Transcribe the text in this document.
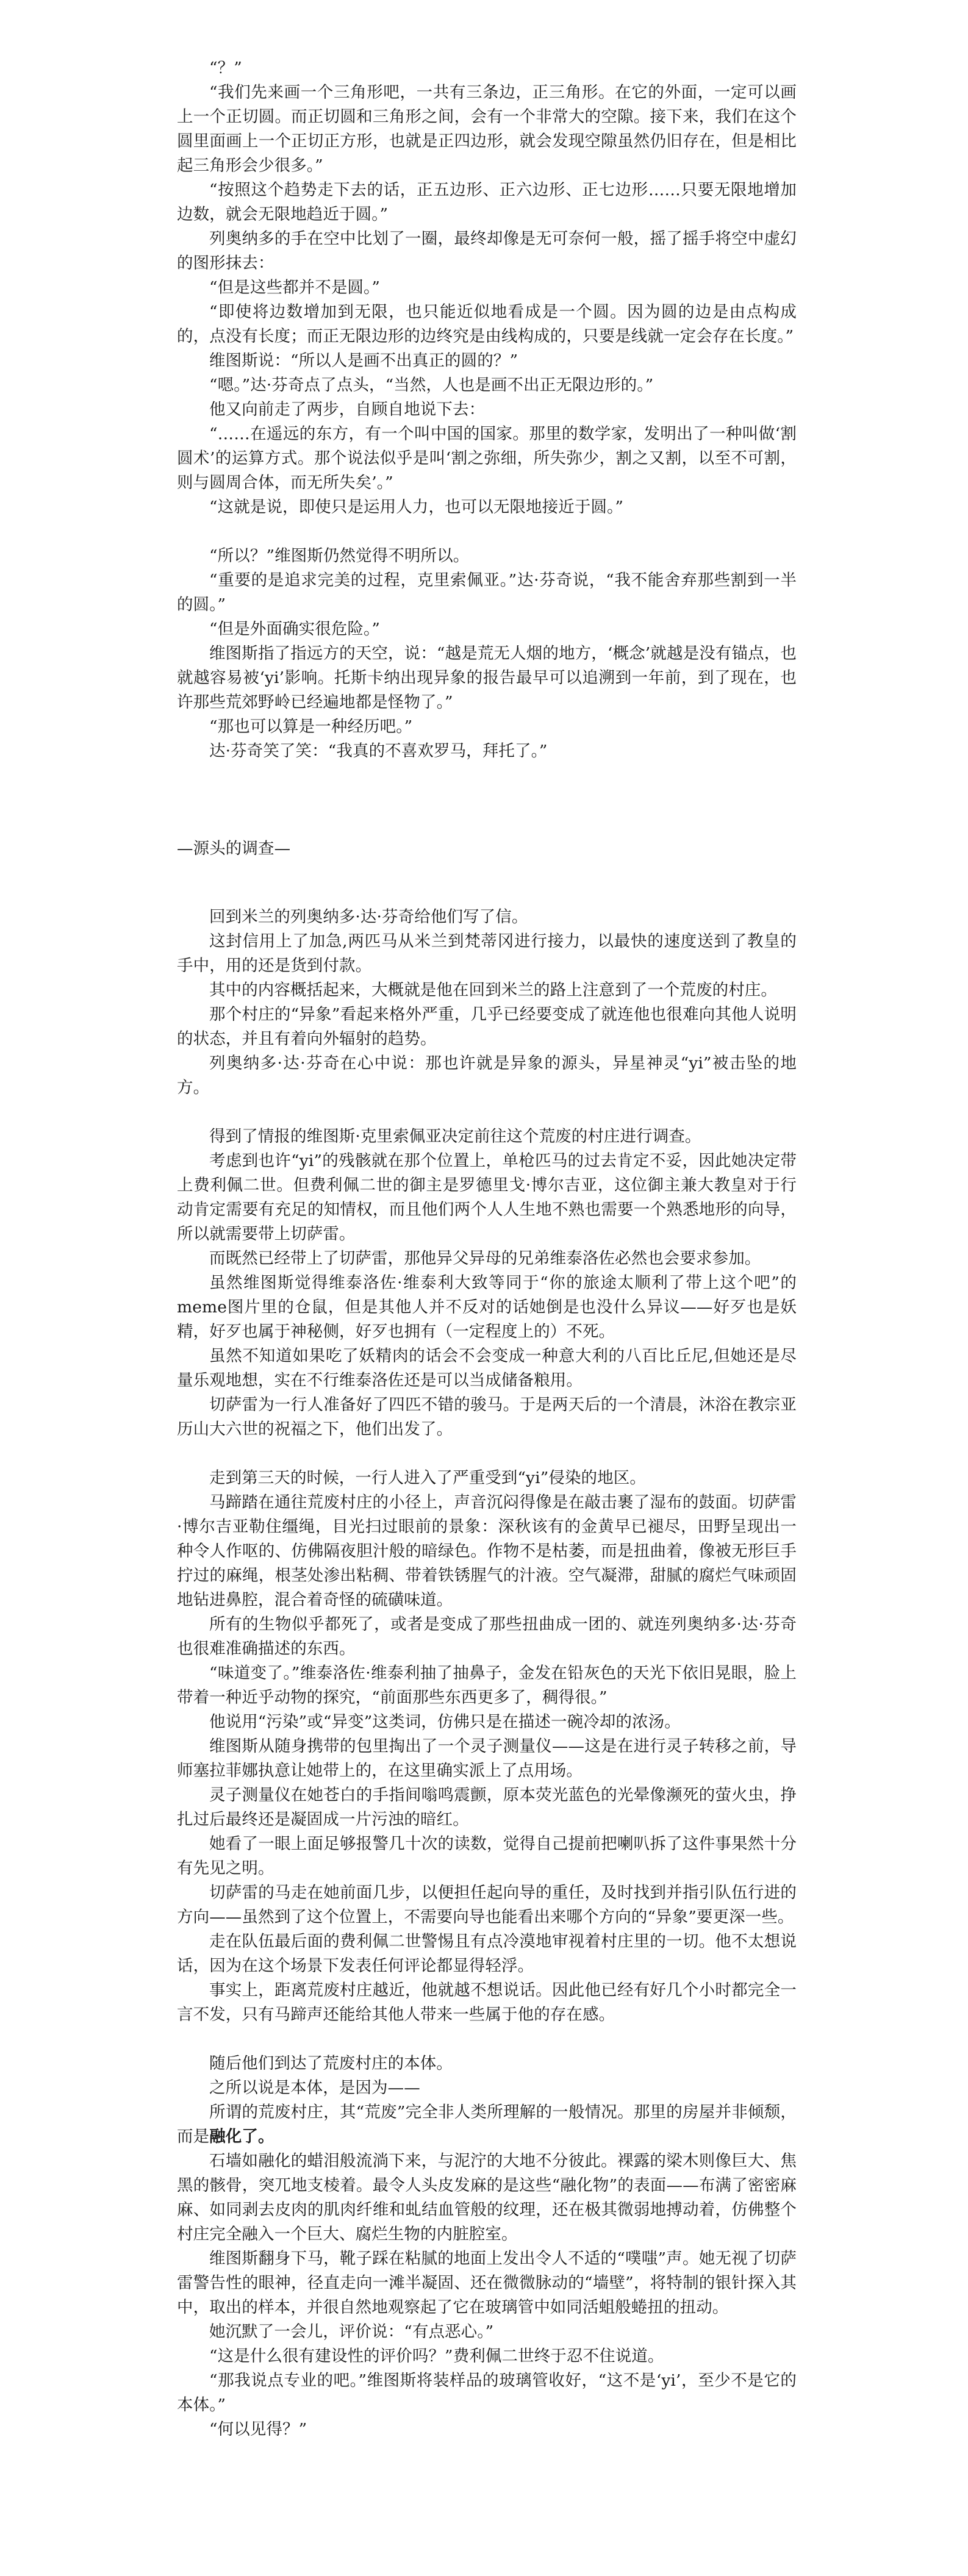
“？”

“我们先来画一个三角形吧，一共有三条边，正三角形。在它的外面，一定可以画上一个正切圆。而正切圆和三角形之间，会有一个非常大的空隙。接下来，我们在这个圆里面画上一个正切正方形，也就是正四边形，就会发现空隙虽然仍旧存在，但是相比起三角形会少很多。”

“按照这个趋势走下去的话，正五边形、正六边形、正七边形……只要无限地增加边数，就会无限地趋近于圆。”

列奥纳多的手在空中比划了一圈，最终却像是无可奈何一般，摇了摇手将空中虚幻的图形抹去：

“但是这些都并不是圆。”

“即使将边数增加到无限，也只能近似地看成是一个圆。因为圆的边是由点构成的，点没有长度；而正无限边形的边终究是由线构成的，只要是线就一定会存在长度。”

维图斯说：“所以人是画不出真正的圆的？”

“嗯。”达·芬奇点了点头，“当然，人也是画不出正无限边形的。”

他又向前走了两步，自顾自地说下去：

“……在遥远的东方，有一个叫中国的国家。那里的数学家，发明出了一种叫做‘割圆术’的运算方式。那个说法似乎是叫‘割之弥细，所失弥少，割之又割，以至不可割，则与圆周合体，而无所失矣’。”

“这就是说，即使只是运用人力，也可以无限地接近于圆。”

“所以？”维图斯仍然觉得不明所以。

“重要的是追求完美的过程，克里索佩亚。”达·芬奇说，“我不能舍弃那些割到一半的圆。”

“但是外面确实很危险。”

维图斯指了指远方的天空，说：“越是荒无人烟的地方，‘概念’就越是没有锚点，也就越容易被‘yi’影响。托斯卡纳出现异象的报告最早可以追溯到一年前，到了现在，也许那些荒郊野岭已经遍地都是怪物了。”

“那也可以算是一种经历吧。”

达·芬奇笑了笑：“我真的不喜欢罗马，拜托了。”

—源头的调查—

回到米兰的列奥纳多·达·芬奇给他们写了信。

这封信用上了加急,两匹马从米兰到梵蒂冈进行接力，以最快的速度送到了教皇的手中，用的还是货到付款。

其中的内容概括起来，大概就是他在回到米兰的路上注意到了一个荒废的村庄。

那个村庄的“异象”看起来格外严重，几乎已经要变成了就连他也很难向其他人说明的状态，并且有着向外辐射的趋势。

列奥纳多·达·芬奇在心中说：那也许就是异象的源头，异星神灵“yi”被击坠的地方。

得到了情报的维图斯·克里索佩亚决定前往这个荒废的村庄进行调查。

考虑到也许“yi”的残骸就在那个位置上，单枪匹马的过去肯定不妥，因此她决定带上费利佩二世。但费利佩二世的御主是罗德里戈·博尔吉亚，这位御主兼大教皇对于行动肯定需要有充足的知情权，而且他们两个人人生地不熟也需要一个熟悉地形的向导，所以就需要带上切萨雷。

而既然已经带上了切萨雷，那他异父异母的兄弟维泰洛佐必然也会要求参加。

虽然维图斯觉得维泰洛佐·维泰利大致等同于“你的旅途太顺利了带上这个吧”的meme图片里的仓鼠，但是其他人并不反对的话她倒是也没什么异议——好歹也是妖精，好歹也属于神秘侧，好歹也拥有（一定程度上的）不死。

虽然不知道如果吃了妖精肉的话会不会变成一种意大利的八百比丘尼,但她还是尽量乐观地想，实在不行维泰洛佐还是可以当成储备粮用。

切萨雷为一行人准备好了四匹不错的骏马。于是两天后的一个清晨，沐浴在教宗亚历山大六世的祝福之下，他们出发了。

走到第三天的时候，一行人进入了严重受到“yi”侵染的地区。

马蹄踏在通往荒废村庄的小径上，声音沉闷得像是在敲击裹了湿布的鼓面。切萨雷·博尔吉亚勒住缰绳，目光扫过眼前的景象：深秋该有的金黄早已褪尽，田野呈现出一种令人作呕的、仿佛隔夜胆汁般的暗绿色。作物不是枯萎，而是扭曲着，像被无形巨手拧过的麻绳，根茎处渗出粘稠、带着铁锈腥气的汁液。空气凝滞，甜腻的腐烂气味顽固地钻进鼻腔，混合着奇怪的硫磺味道。

所有的生物似乎都死了，或者是变成了那些扭曲成一团的、就连列奥纳多·达·芬奇也很难准确描述的东西。

“味道变了。”维泰洛佐·维泰利抽了抽鼻子，金发在铅灰色的天光下依旧晃眼，脸上带着一种近乎动物的探究，“前面那些东西更多了，稠得很。”

他说用“污染”或“异变”这类词，仿佛只是在描述一碗冷却的浓汤。

维图斯从随身携带的包里掏出了一个灵子测量仪——这是在进行灵子转移之前，导师塞拉菲娜执意让她带上的，在这里确实派上了点用场。

灵子测量仪在她苍白的手指间嗡鸣震颤，原本荧光蓝色的光晕像濒死的萤火虫，挣扎过后最终还是凝固成一片污浊的暗红。

她看了一眼上面足够报警几十次的读数，觉得自己提前把喇叭拆了这件事果然十分有先见之明。

切萨雷的马走在她前面几步，以便担任起向导的重任，及时找到并指引队伍行进的方向——虽然到了这个位置上，不需要向导也能看出来哪个方向的“异象”要更深一些。

走在队伍最后面的费利佩二世警惕且有点冷漠地审视着村庄里的一切。他不太想说话，因为在这个场景下发表任何评论都显得轻浮。

事实上，距离荒废村庄越近，他就越不想说话。因此他已经有好几个小时都完全一言不发，只有马蹄声还能给其他人带来一些属于他的存在感。

随后他们到达了荒废村庄的本体。

之所以说是本体，是因为——

所谓的荒废村庄，其“荒废”完全非人类所理解的一般情况。那里的房屋并非倾颓，而是融化了。

石墙如融化的蜡泪般流淌下来，与泥泞的大地不分彼此。裸露的梁木则像巨大、焦黑的骸骨，突兀地支棱着。最令人头皮发麻的是这些“融化物”的表面——布满了密密麻麻、如同剥去皮肉的肌肉纤维和虬结血管般的纹理，还在极其微弱地搏动着，仿佛整个村庄完全融入一个巨大、腐烂生物的内脏腔室。

维图斯翻身下马，靴子踩在粘腻的地面上发出令人不适的“噗嗤”声。她无视了切萨雷警告性的眼神，径直走向一滩半凝固、还在微微脉动的“墙壁”，将特制的银针探入其中，取出的样本，并很自然地观察起了它在玻璃管中如同活蛆般蜷扭的扭动。

她沉默了一会儿，评价说：“有点恶心。”

“这是什么很有建设性的评价吗？”费利佩二世终于忍不住说道。

“那我说点专业的吧。”维图斯将装样品的玻璃管收好，“这不是‘yi’，至少不是它的本体。”

“何以见得？”
